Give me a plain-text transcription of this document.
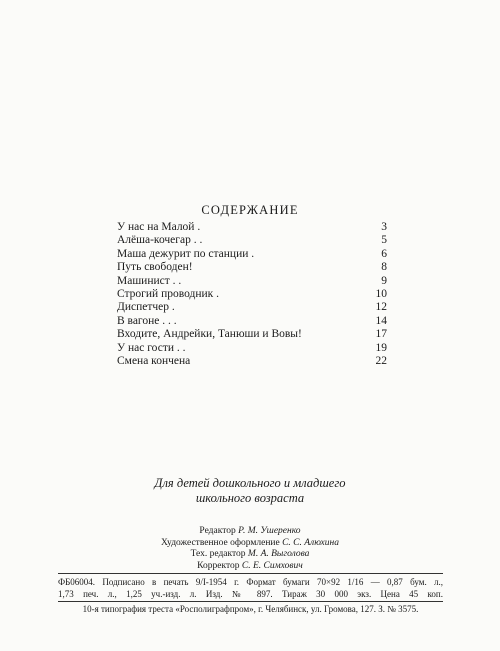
СОДЕРЖАНИЕ
У нас на Малой .	3
Алёша-кочегар . .	5
Маша дежурит по станции .	6
Путь свободен!	8
Машинист . .	9
Строгий проводник .	10
Диспетчер .	12
В вагоне . . .	14
Входите, Андрейки, Танюши и Вовы!	17
У нас гости . .	19
Смена кончена	22
Для детей дошкольного и младшего
школьного возраста
Редактор Р. М. Ушеренко
Художественное оформление С. С. Алюхина
Тех. редактор М. А. Выголова
Корректор С. Е. Симхович
ФБ06004. Подписано в печать 9/I-1954 г. Формат бумаги 70×92 1/16 — 0,87 бум. л.,
1,73 печ. л., 1,25 уч.-изд. л. Изд. № 897. Тираж 30 000 экз. Цена 45 коп.
10-я типография треста «Росполиграфпром», г. Челябинск, ул. Громова, 127. З. № 3575.
